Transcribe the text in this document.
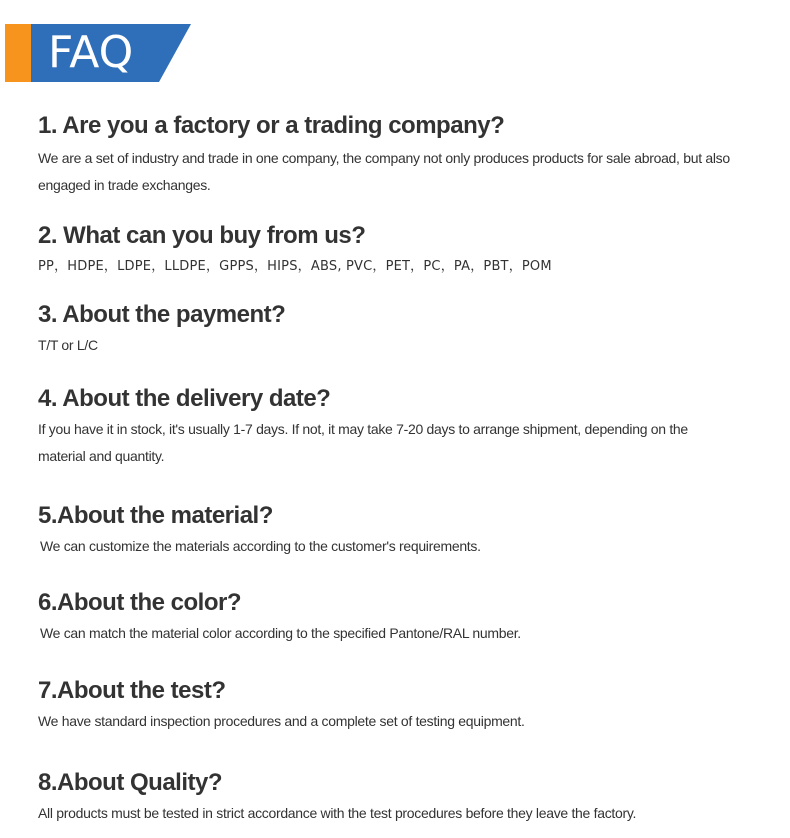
FAQ
1. Are you a factory or a trading company?

We are a set of industry and trade in one company, the company not only produces products for sale abroad, but also engaged in trade exchanges.

2. What can you buy from us?

PP，HDPE，LDPE，LLDPE，GPPS，HIPS，ABS, PVC，PET，PC，PA，PBT，POM

3. About the payment?

T/T or L/C

4. About the delivery date?

If you have it in stock, it's usually 1-7 days. If not, it may take 7-20 days to arrange shipment, depending on the material and quantity.

5.About the material?

We can customize the materials according to the customer's requirements.

6.About the color?

We can match the material color according to the specified Pantone/RAL number.

7.About the test?

We have standard inspection procedures and a complete set of testing equipment.

8.About Quality?

All products must be tested in strict accordance with the test procedures before they leave the factory.
